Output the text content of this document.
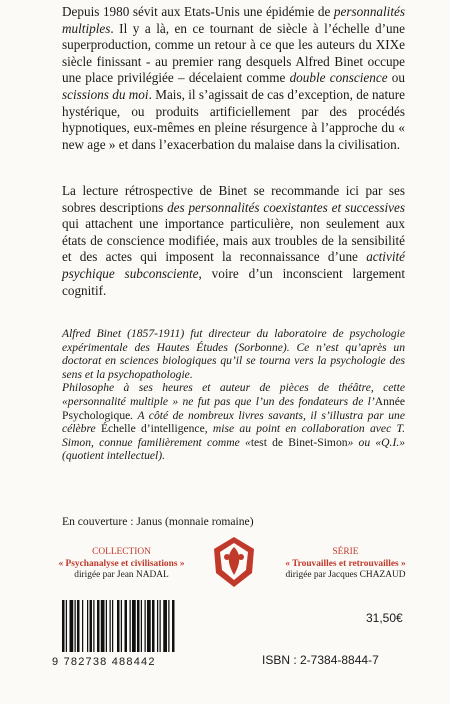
Depuis 1980 sévit aux Etats-Unis une épidémie de personnalités multiples. Il y a là, en ce tournant de siècle à l’échelle d’une superproduction, comme un retour à ce que les auteurs du XIXe siècle finissant - au premier rang desquels Alfred Binet occupe une place privilégiée – décelaient comme double conscience ou scissions du moi. Mais, il s’agissait de cas d’exception, de nature hystérique, ou produits artificiellement par des procédés hypnotiques, eux-mêmes en pleine résurgence à l’approche du « new age » et dans l’exacerbation du malaise dans la civilisation.

La lecture rétrospective de Binet se recommande ici par ses sobres descriptions des personnalités coexistantes et successives qui attachent une importance particulière, non seulement aux états de conscience modifiée, mais aux troubles de la sensibilité et des actes qui imposent la reconnaissance d’une activité psychique subconsciente, voire d’un inconscient largement cognitif.

Alfred Binet (1857-1911) fut directeur du laboratoire de psychologie expérimentale des Hautes Études (Sorbonne). Ce n’est qu’après un doctorat en sciences biologiques qu’il se tourna vers la psychologie des sens et la psychopathologie.

Philosophe à ses heures et auteur de pièces de théâtre, cette «personnalité multiple » ne fut pas que l’un des fondateurs de l’Année Psychologique. A côté de nombreux livres savants, il s’illustra par une célèbre Échelle d’intelligence, mise au point en collaboration avec T. Simon, connue familièrement comme «test de Binet-Simon» ou «Q.I.» (quotient intellectuel).

En couverture : Janus (monnaie romaine)
COLLECTION
« Psychanalyse et civilisations »
dirigée par Jean NADAL
SÉRIE
« Trouvailles et retrouvailles »
dirigée par Jacques CHAZAUD
9 782738 488442
31,50€
ISBN : 2-7384-8844-7
